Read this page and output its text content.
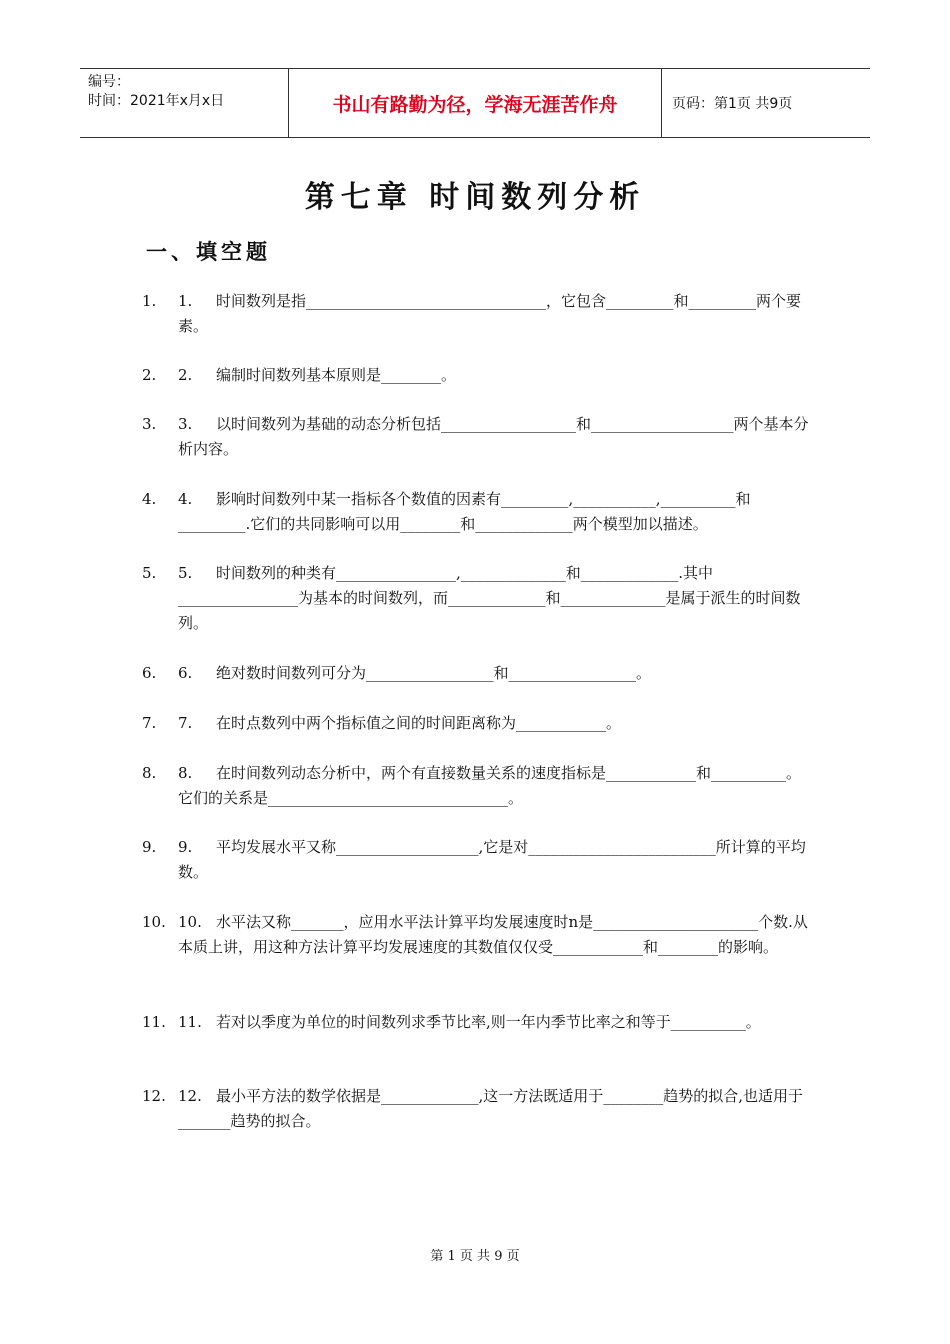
编号：
时间：2021年x月x日	书山有路勤为径，学海无涯苦作舟	页码：第1页 共9页
第七章 时间数列分析
一、填空题
1.	1. 时间数列是指________________________________，它包含_________和_________两个要素。
2.	2. 编制时间数列基本原则是________。
3.	3. 以时间数列为基础的动态分析包括__________________和___________________两个基本分析内容。
4.	4. 影响时间数列中某一指标各个数值的因素有_________,___________,__________和_________.它们的共同影响可以用________和_____________两个模型加以描述。
5.	5. 时间数列的种类有________________,______________和_____________.其中________________为基本的时间数列，而_____________和______________是属于派生的时间数列。
6.	6. 绝对数时间数列可分为_________________和_________________。
7.	7. 在时点数列中两个指标值之间的时间距离称为____________。
8.	8. 在时间数列动态分析中，两个有直接数量关系的速度指标是____________和__________。它们的关系是________________________________。
9.	9. 平均发展水平又称___________________,它是对_________________________所计算的平均数。
10. 10. 水平法又称_______，应用水平法计算平均发展速度时n是______________________个数.从本质上讲，用这种方法计算平均发展速度的其数值仅仅受____________和________的影响。
11. 11. 若对以季度为单位的时间数列求季节比率,则一年内季节比率之和等于__________。
12. 12. 最小平方法的数学依据是_____________,这一方法既适用于________趋势的拟合,也适用于_______趋势的拟合。
第 1 页 共 9 页
